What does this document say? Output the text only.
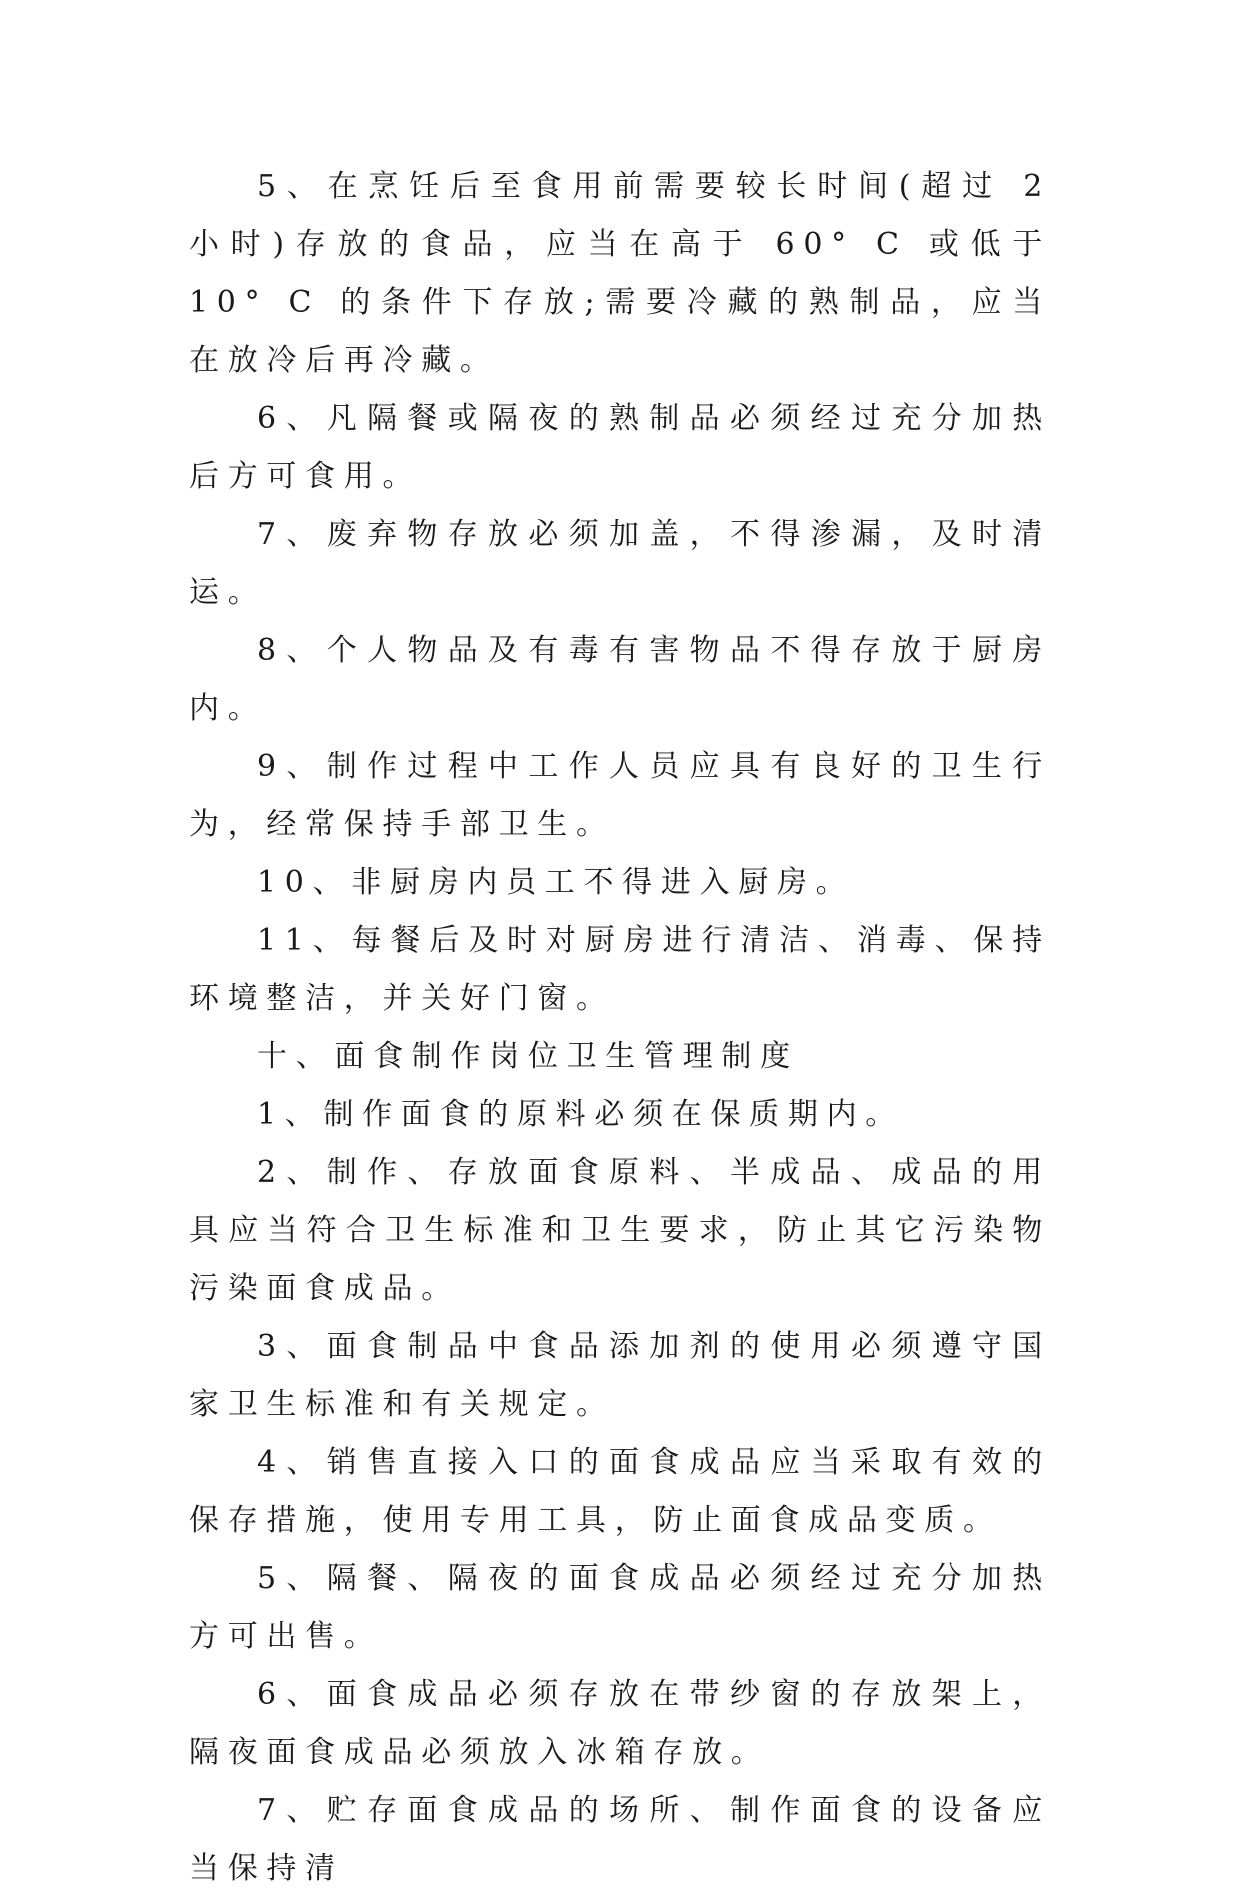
5、在烹饪后至食用前需要较长时间(超过 2 小时)存放的食品，应当在高于 60° C 或低于 10° C 的条件下存放;需要冷藏的熟制品，应当在放冷后再冷藏。

6、凡隔餐或隔夜的熟制品必须经过充分加热后方可食用。

7、废弃物存放必须加盖，不得渗漏，及时清运。

8、个人物品及有毒有害物品不得存放于厨房内。

9、制作过程中工作人员应具有良好的卫生行为，经常保持手部卫生。

10、非厨房内员工不得进入厨房。

11、每餐后及时对厨房进行清洁、消毒、保持环境整洁，并关好门窗。

十、面食制作岗位卫生管理制度

1、制作面食的原料必须在保质期内。

2、制作、存放面食原料、半成品、成品的用具应当符合卫生标准和卫生要求，防止其它污染物污染面食成品。

3、面食制品中食品添加剂的使用必须遵守国家卫生标准和有关规定。

4、销售直接入口的面食成品应当采取有效的保存措施，使用专用工具，防止面食成品变质。

5、隔餐、隔夜的面食成品必须经过充分加热方可出售。

6、面食成品必须存放在带纱窗的存放架上，隔夜面食成品必须放入冰箱存放。

7、贮存面食成品的场所、制作面食的设备应当保持清
